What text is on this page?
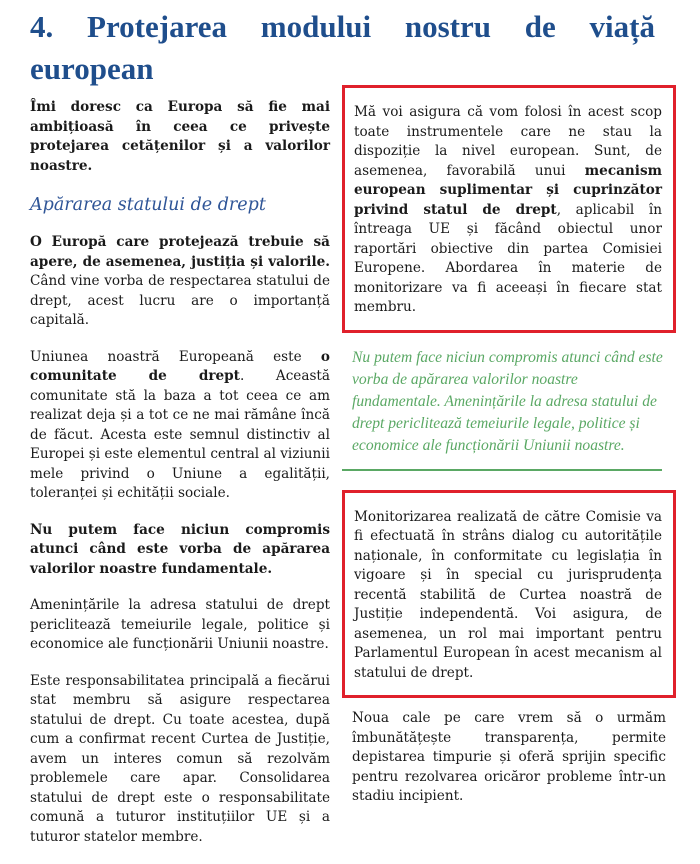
4. Protejarea modului nostru de viață european

Îmi doresc ca Europa să fie mai ambițioasă în ceea ce privește protejarea cetățenilor și a valorilor noastre.

Apărarea statului de drept

O Europă care protejează trebuie să apere, de asemenea, justiția și valorile. Când vine vorba de respectarea statului de drept, acest lucru are o importanță capitală.

Uniunea noastră Europeană este o comunitate de drept. Această comunitate stă la baza a tot ceea ce am realizat deja și a tot ce ne mai rămâne încă de făcut. Acesta este semnul distinctiv al Europei și este elementul central al viziunii mele privind o Uniune a egalității, toleranței și echității sociale.

Nu putem face niciun compromis atunci când este vorba de apărarea valorilor noastre fundamentale.

Amenințările la adresa statului de drept periclitează temeiurile legale, politice și economice ale funcționării Uniunii noastre.

Este responsabilitatea principală a fiecărui stat membru să asigure respectarea statului de drept. Cu toate acestea, după cum a confirmat recent Curtea de Justiție, avem un interes comun să rezolvăm problemele care apar. Consolidarea statului de drept este o responsabilitate comună a tuturor instituțiilor UE și a tuturor statelor membre.

Mă voi asigura că vom folosi în acest scop toate instrumentele care ne stau la dispoziție la nivel european. Sunt, de asemenea, favorabilă unui mecanism european suplimentar și cuprinzător privind statul de drept, aplicabil în întreaga UE și făcând obiectul unor raportări obiective din partea Comisiei Europene. Abordarea în materie de monitorizare va fi aceeași în fiecare stat membru.

Nu putem face niciun compromis atunci când este vorba de apărarea valorilor noastre fundamentale. Amenințările la adresa statului de drept periclitează temeiurile legale, politice și economice ale funcționării Uniunii noastre.

Monitorizarea realizată de către Comisie va fi efectuată în strâns dialog cu autoritățile naționale, în conformitate cu legislația în vigoare și în special cu jurisprudența recentă stabilită de Curtea noastră de Justiție independentă. Voi asigura, de asemenea, un rol mai important pentru Parlamentul European în acest mecanism al statului de drept.

Noua cale pe care vrem să o urmăm îmbunătățește transparența, permite depistarea timpurie și oferă sprijin specific pentru rezolvarea oricăror probleme într-un stadiu incipient.
